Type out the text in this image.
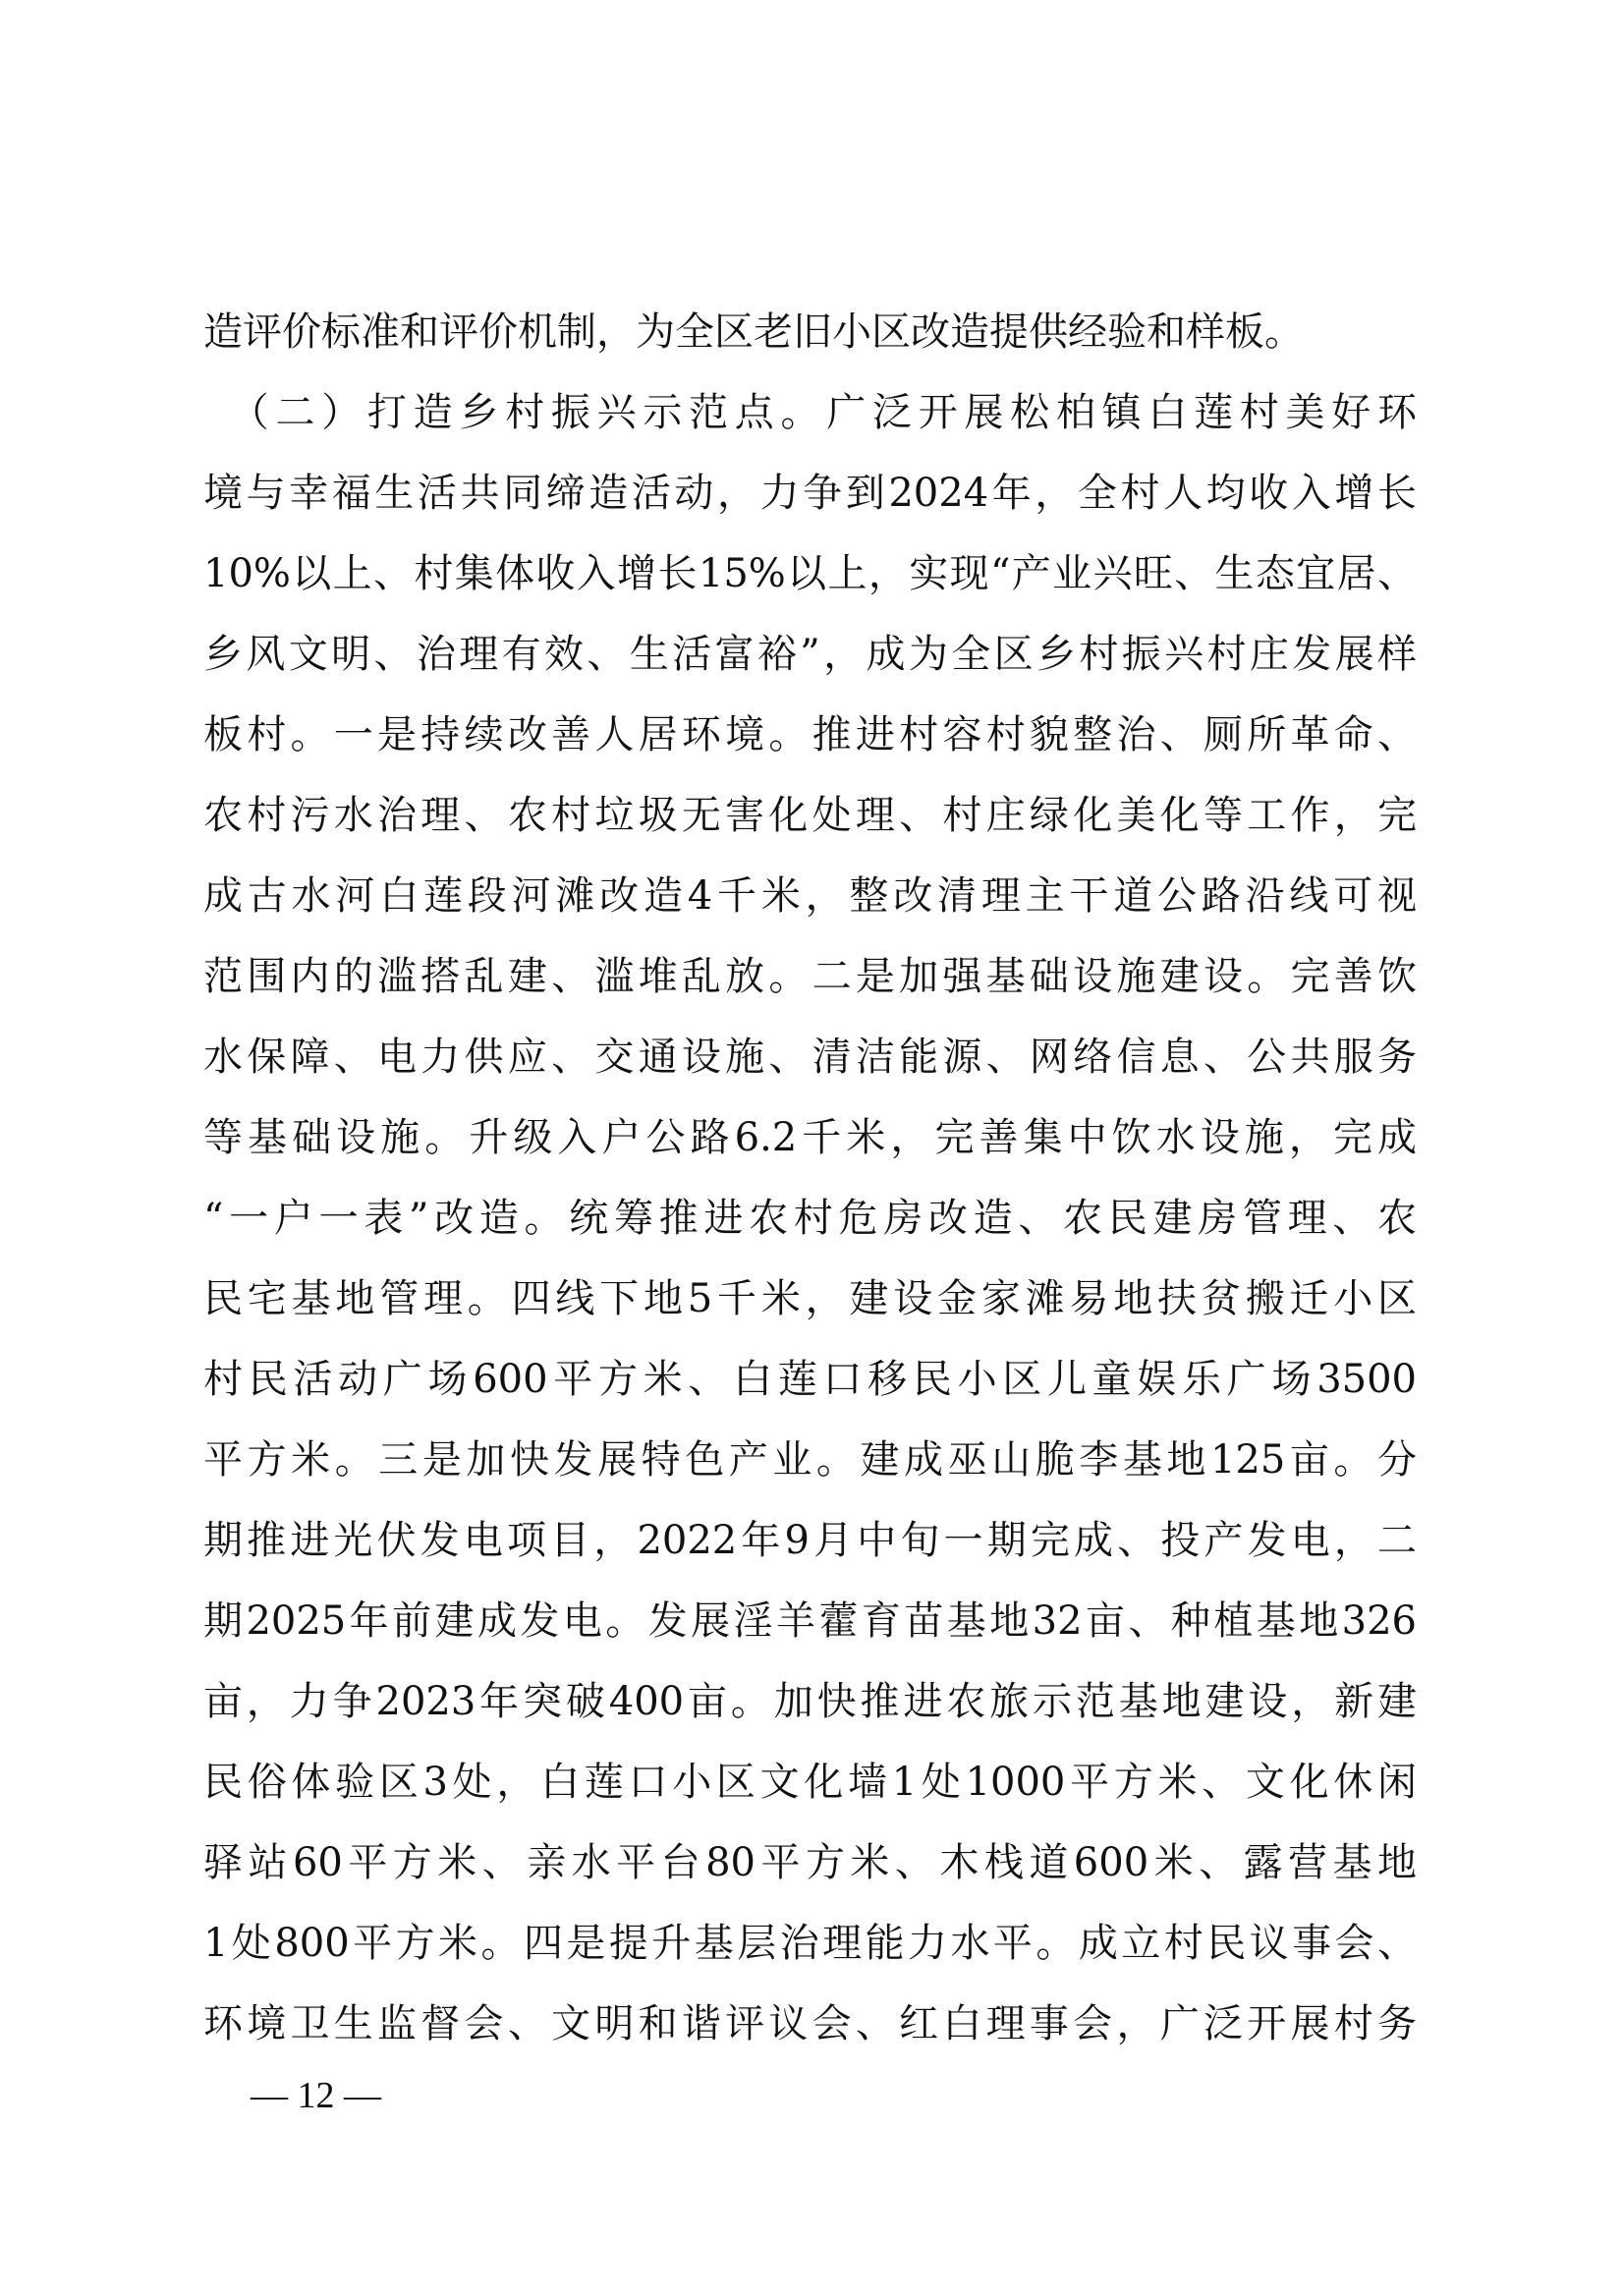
造评价标准和评价机制，为全区老旧小区改造提供经验和样板。
　（二）打造乡村振兴示范点。广泛开展松柏镇白莲村美好环
境与幸福生活共同缔造活动，力争到2024年，全村人均收入增长
10%以上、村集体收入增长15%以上，实现“产业兴旺、生态宜居、
乡风文明、治理有效、生活富裕”，成为全区乡村振兴村庄发展样
板村。一是持续改善人居环境。推进村容村貌整治、厕所革命、
农村污水治理、农村垃圾无害化处理、村庄绿化美化等工作，完
成古水河白莲段河滩改造4千米，整改清理主干道公路沿线可视
范围内的滥搭乱建、滥堆乱放。二是加强基础设施建设。完善饮
水保障、电力供应、交通设施、清洁能源、网络信息、公共服务
等基础设施。升级入户公路6.2千米，完善集中饮水设施，完成
“一户一表”改造。统筹推进农村危房改造、农民建房管理、农
民宅基地管理。四线下地5千米，建设金家滩易地扶贫搬迁小区
村民活动广场600平方米、白莲口移民小区儿童娱乐广场3500
平方米。三是加快发展特色产业。建成巫山脆李基地125亩。分
期推进光伏发电项目，2022年9月中旬一期完成、投产发电，二
期2025年前建成发电。发展淫羊藿育苗基地32亩、种植基地326
亩，力争2023年突破400亩。加快推进农旅示范基地建设，新建
民俗体验区3处，白莲口小区文化墙1处1000平方米、文化休闲
驿站60平方米、亲水平台80平方米、木栈道600米、露营基地
1处800平方米。四是提升基层治理能力水平。成立村民议事会、
环境卫生监督会、文明和谐评议会、红白理事会，广泛开展村务
— 12 —
